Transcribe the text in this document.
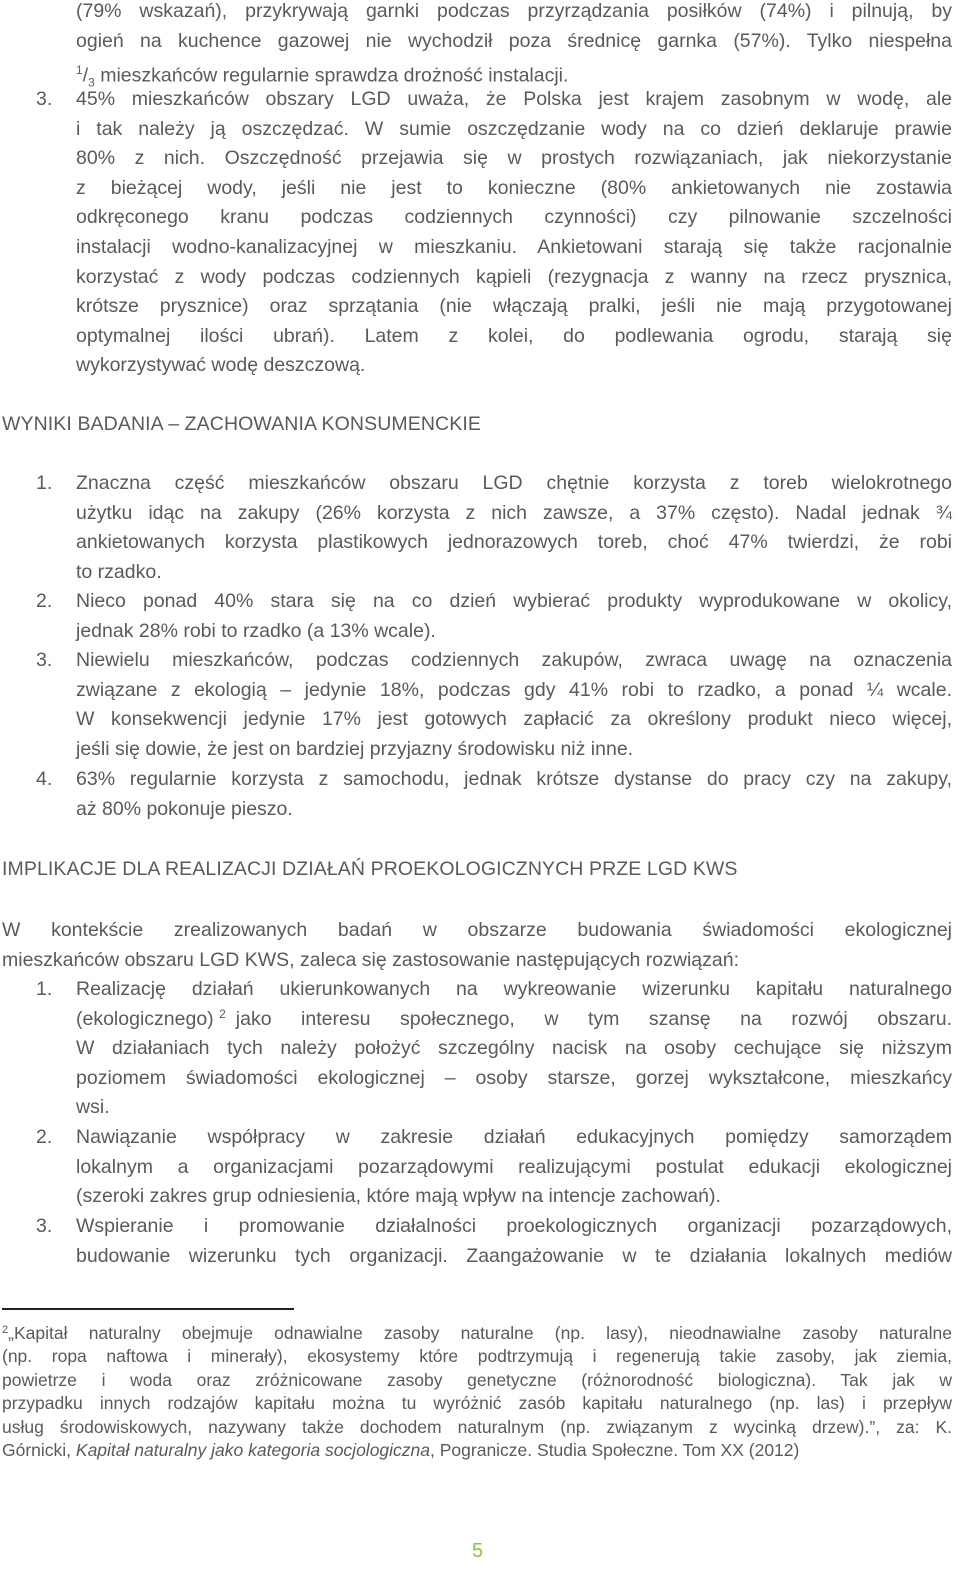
(79% wskazań), przykrywają garnki podczas przyrządzania posiłków (74%) i pilnują, by
ogień na kuchence gazowej nie wychodził poza średnicę garnka (57%). Tylko niespełna
$^1/_3$ mieszkańców regularnie sprawdza drożność instalacji.
3. 45% mieszkańców obszary LGD uważa, że Polska jest krajem zasobnym w wodę, ale
i tak należy ją oszczędzać. W sumie oszczędzanie wody na co dzień deklaruje prawie
80% z nich. Oszczędność przejawia się w prostych rozwiązaniach, jak niekorzystanie
z bieżącej wody, jeśli nie jest to konieczne (80% ankietowanych nie zostawia
odkręconego kranu podczas codziennych czynności) czy pilnowanie szczelności
instalacji wodno-kanalizacyjnej w mieszkaniu. Ankietowani starają się także racjonalnie
korzystać z wody podczas codziennych kąpieli (rezygnacja z wanny na rzecz prysznica,
krótsze prysznice) oraz sprzątania (nie włączają pralki, jeśli nie mają przygotowanej
optymalnej ilości ubrań). Latem z kolei, do podlewania ogrodu, starają się
wykorzystywać wodę deszczową.
WYNIKI BADANIA – ZACHOWANIA KONSUMENCKIE
1. Znaczna część mieszkańców obszaru LGD chętnie korzysta z toreb wielokrotnego
użytku idąc na zakupy (26% korzysta z nich zawsze, a 37% często). Nadal jednak ¾
ankietowanych korzysta plastikowych jednorazowych toreb, choć 47% twierdzi, że robi
to rzadko.
2. Nieco ponad 40% stara się na co dzień wybierać produkty wyprodukowane w okolicy,
jednak 28% robi to rzadko (a 13% wcale).
3. Niewielu mieszkańców, podczas codziennych zakupów, zwraca uwagę na oznaczenia
związane z ekologią – jedynie 18%, podczas gdy 41% robi to rzadko, a ponad ¼ wcale.
W konsekwencji jedynie 17% jest gotowych zapłacić za określony produkt nieco więcej,
jeśli się dowie, że jest on bardziej przyjazny środowisku niż inne.
4. 63% regularnie korzysta z samochodu, jednak krótsze dystanse do pracy czy na zakupy,
aż 80% pokonuje pieszo.
IMPLIKACJE DLA REALIZACJI DZIAŁAŃ PROEKOLOGICZNYCH PRZE LGD KWS
W kontekście zrealizowanych badań w obszarze budowania świadomości ekologicznej
mieszkańców obszaru LGD KWS, zaleca się zastosowanie następujących rozwiązań:
1. Realizację działań ukierunkowanych na wykreowanie wizerunku kapitału naturalnego
(ekologicznego) $^2$ jako interesu społecznego, w tym szansę na rozwój obszaru.
W działaniach tych należy położyć szczególny nacisk na osoby cechujące się niższym
poziomem świadomości ekologicznej – osoby starsze, gorzej wykształcone, mieszkańcy
wsi.
2. Nawiązanie współpracy w zakresie działań edukacyjnych pomiędzy samorządem
lokalnym a organizacjami pozarządowymi realizującymi postulat edukacji ekologicznej
(szeroki zakres grup odniesienia, które mają wpływ na intencje zachowań).
3. Wspieranie i promowanie działalności proekologicznych organizacji pozarządowych,
budowanie wizerunku tych organizacji. Zaangażowanie w te działania lokalnych mediów
$^2$„Kapitał naturalny obejmuje odnawialne zasoby naturalne (np. lasy), nieodnawialne zasoby naturalne
(np. ropa naftowa i minerały), ekosystemy które podtrzymują i regenerują takie zasoby, jak ziemia,
powietrze i woda oraz zróżnicowane zasoby genetyczne (różnorodność biologiczna). Tak jak w
przypadku innych rodzajów kapitału można tu wyróżnić zasób kapitału naturalnego (np. las) i przepływ
usług środowiskowych, nazywany także dochodem naturalnym (np. związanym z wycinką drzew).”, za: K.
Górnicki, Kapitał naturalny jako kategoria socjologiczna, Pogranicze. Studia Społeczne. Tom XX (2012)
5
